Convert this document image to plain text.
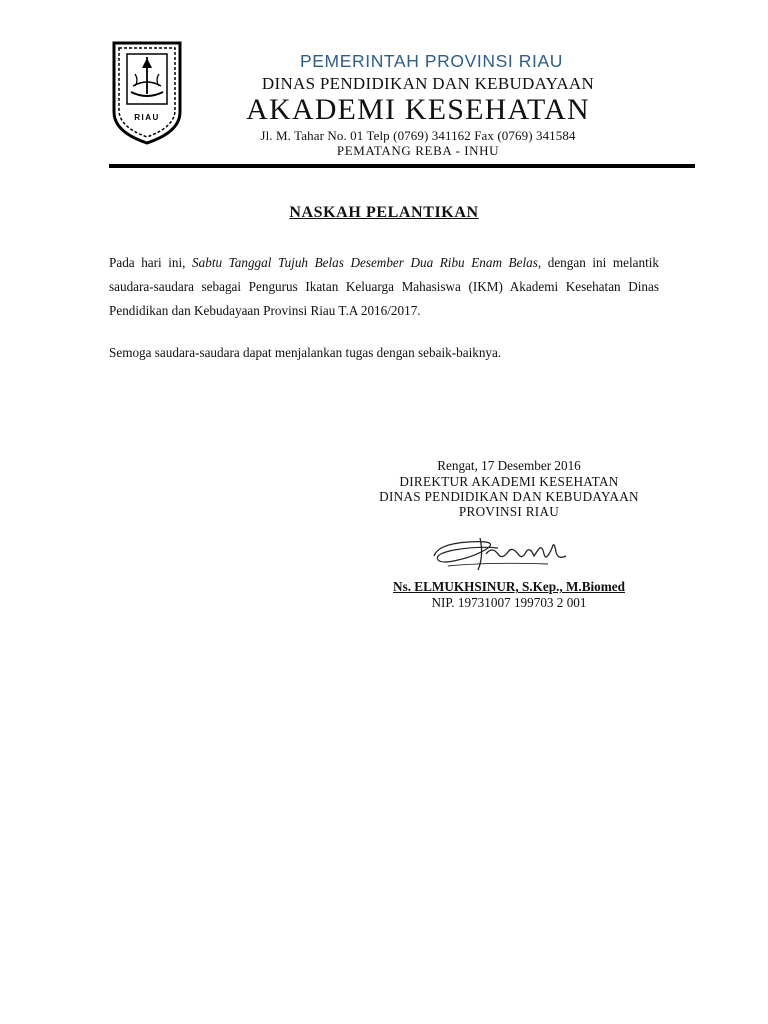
RIAU
PEMERINTAH PROVINSI RIAU
DINAS PENDIDIKAN DAN KEBUDAYAAN
AKADEMI KESEHATAN
Jl. M. Tahar No. 01 Telp (0769) 341162 Fax (0769) 341584
PEMATANG REBA - INHU
NASKAH PELANTIKAN
Pada hari ini, Sabtu Tanggal Tujuh Belas Desember Dua Ribu Enam Belas, dengan ini melantik saudara-saudara sebagai Pengurus Ikatan Keluarga Mahasiswa (IKM) Akademi Kesehatan Dinas Pendidikan dan Kebudayaan Provinsi Riau T.A 2016/2017.
Semoga saudara-saudara dapat menjalankan tugas dengan sebaik-baiknya.
Rengat, 17 Desember 2016
DIREKTUR AKADEMI KESEHATAN
DINAS PENDIDIKAN DAN KEBUDAYAAN
PROVINSI RIAU
Ns. ELMUKHSINUR, S.Kep., M.Biomed
NIP. 19731007 199703 2 001
